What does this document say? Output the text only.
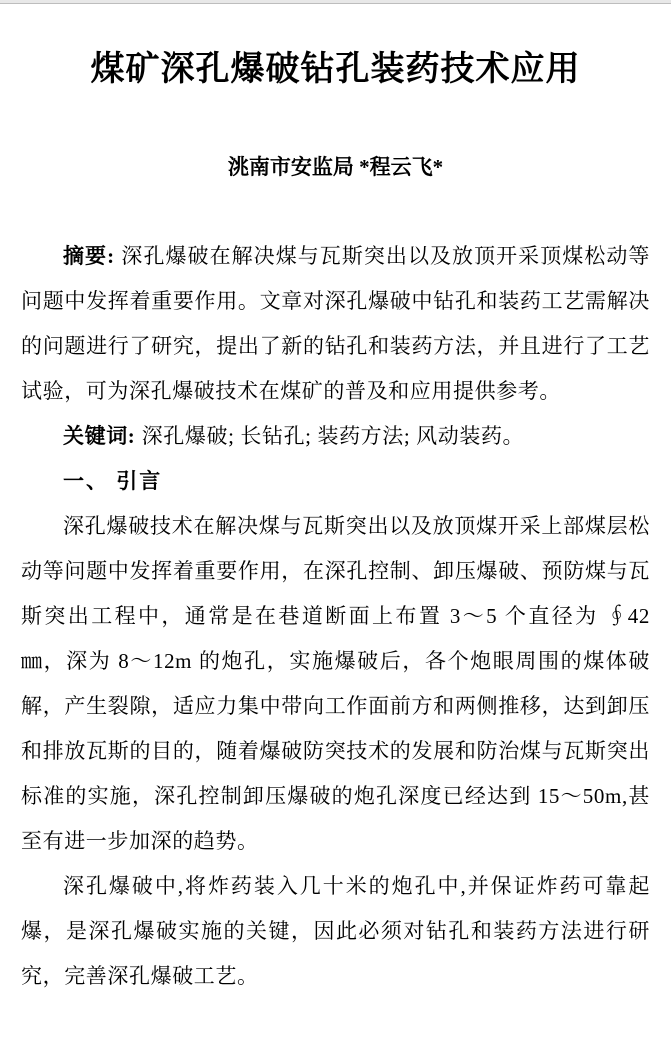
煤矿深孔爆破钻孔装药技术应用
洮南市安监局 *程云飞*

摘要: 深孔爆破在解决煤与瓦斯突出以及放顶开采顶煤松动等问题中发挥着重要作用。文章对深孔爆破中钻孔和装药工艺需解决的问题进行了研究，提出了新的钻孔和装药方法，并且进行了工艺试验，可为深孔爆破技术在煤矿的普及和应用提供参考。

关键词: 深孔爆破; 长钻孔; 装药方法; 风动装药。

一、 引言

深孔爆破技术在解决煤与瓦斯突出以及放顶煤开采上部煤层松动等问题中发挥着重要作用，在深孔控制、卸压爆破、预防煤与瓦斯突出工程中，通常是在巷道断面上布置 3～5 个直径为 ∮42 ㎜，深为 8～12m 的炮孔，实施爆破后，各个炮眼周围的煤体破解，产生裂隙，适应力集中带向工作面前方和两侧推移，达到卸压和排放瓦斯的目的，随着爆破防突技术的发展和防治煤与瓦斯突出标准的实施，深孔控制卸压爆破的炮孔深度已经达到 15～50m,甚至有进一步加深的趋势。

深孔爆破中,将炸药装入几十米的炮孔中,并保证炸药可靠起爆，是深孔爆破实施的关键，因此必须对钻孔和装药方法进行研究，完善深孔爆破工艺。
